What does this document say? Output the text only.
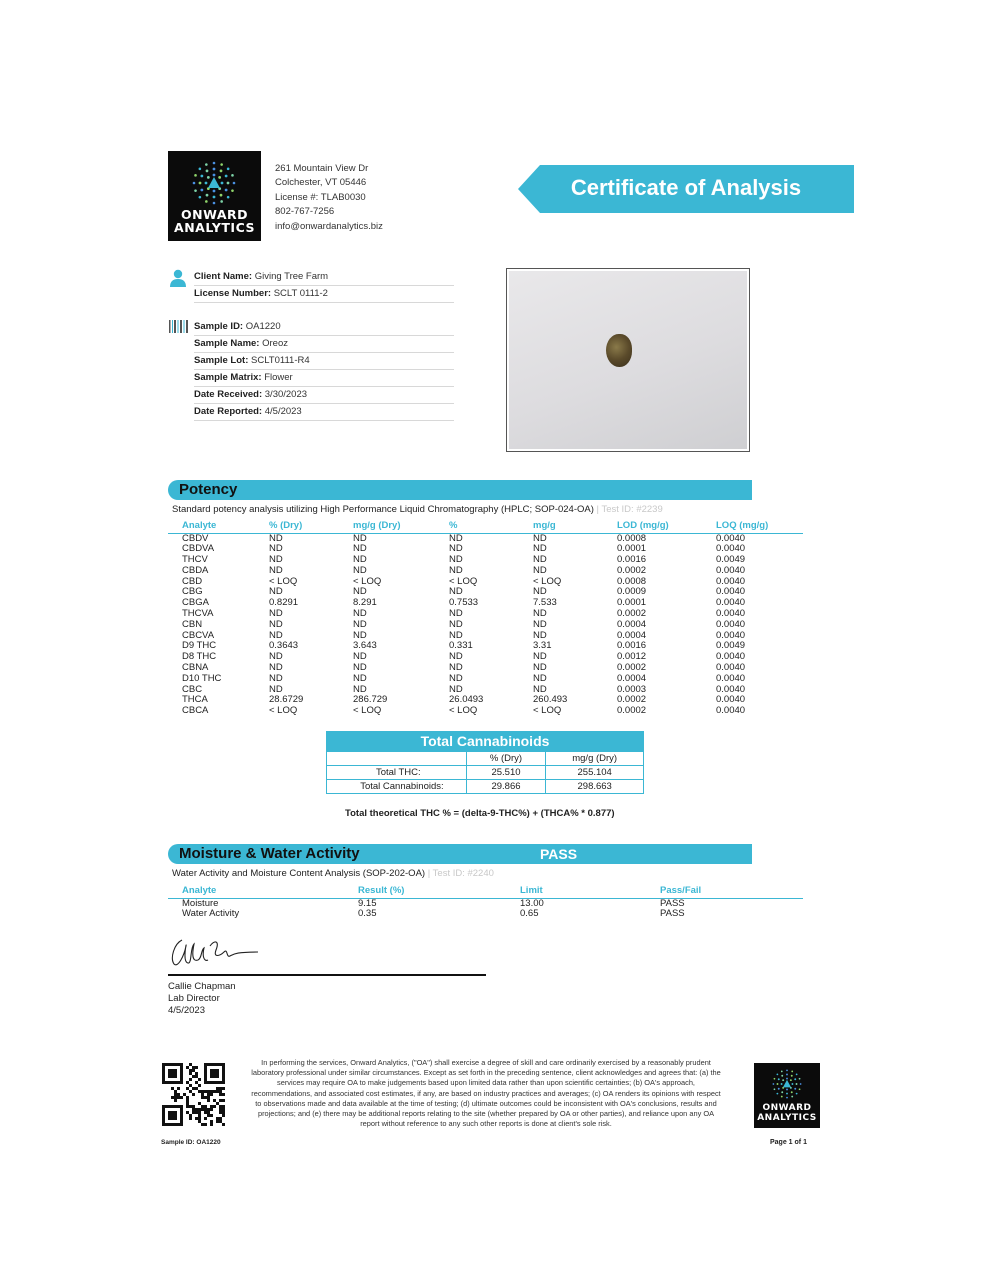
ONWARD
ANALYTICS
261 Mountain View Dr
Colchester, VT 05446
License #: TLAB0030
802-767-7256
info@onwardanalytics.biz
Certificate of Analysis
Client Name: Giving Tree Farm
License Number: SCLT 0111-2
Sample ID: OA1220
Sample Name: Oreoz
Sample Lot: SCLT0111-R4
Sample Matrix: Flower
Date Received: 3/30/2023
Date Reported: 4/5/2023
Potency
Standard potency analysis utilizing High Performance Liquid Chromatography (HPLC; SOP-024-OA) | Test ID: #2239
Analyte	% (Dry)	mg/g (Dry)	%	mg/g	LOD (mg/g)	LOQ (mg/g)
CBDV	ND	ND	ND	ND	0.0008	0.0040
CBDVA	ND	ND	ND	ND	0.0001	0.0040
THCV	ND	ND	ND	ND	0.0016	0.0049
CBDA	ND	ND	ND	ND	0.0002	0.0040
CBD	< LOQ	< LOQ	< LOQ	< LOQ	0.0008	0.0040
CBG	ND	ND	ND	ND	0.0009	0.0040
CBGA	0.8291	8.291	0.7533	7.533	0.0001	0.0040
THCVA	ND	ND	ND	ND	0.0002	0.0040
CBN	ND	ND	ND	ND	0.0004	0.0040
CBCVA	ND	ND	ND	ND	0.0004	0.0040
D9 THC	0.3643	3.643	0.331	3.31	0.0016	0.0049
D8 THC	ND	ND	ND	ND	0.0012	0.0040
CBNA	ND	ND	ND	ND	0.0002	0.0040
D10 THC	ND	ND	ND	ND	0.0004	0.0040
CBC	ND	ND	ND	ND	0.0003	0.0040
THCA	28.6729	286.729	26.0493	260.493	0.0002	0.0040
CBCA	< LOQ	< LOQ	< LOQ	< LOQ	0.0002	0.0040
Total Cannabinoids
	% (Dry)	mg/g (Dry)
Total THC:	25.510	255.104
Total Cannabinoids:	29.866	298.663
Total theoretical THC % = (delta-9-THC%) + (THCA% * 0.877)
Moisture & Water Activity	PASS
Water Activity and Moisture Content Analysis (SOP-202-OA) | Test ID: #2240
Analyte	Result (%)	Limit	Pass/Fail
Moisture	9.15	13.00	PASS
Water Activity	0.35	0.65	PASS
Callie Chapman
Lab Director
4/5/2023
Sample ID: OA1220
In performing the services, Onward Analytics, ("OA") shall exercise a degree of skill and care ordinarily exercised by a reasonably prudent laboratory professional under similar circumstances. Except as set forth in the preceding sentence, client acknowledges and agrees that: (a) the services may require OA to make judgements based upon limited data rather than upon scientific certainties; (b) OA's approach, recommendations, and associated cost estimates, if any, are based on industry practices and averages; (c) OA renders its opinions with respect to observations made and data available at the time of testing; (d) ultimate outcomes could be inconsistent with OA's conclusions, results and projections; and (e) there may be additional reports relating to the site (whether prepared by OA or other parties), and reliance upon any OA report without reference to any such other reports is done at client's sole risk.
ONWARD
ANALYTICS
Page 1 of 1
